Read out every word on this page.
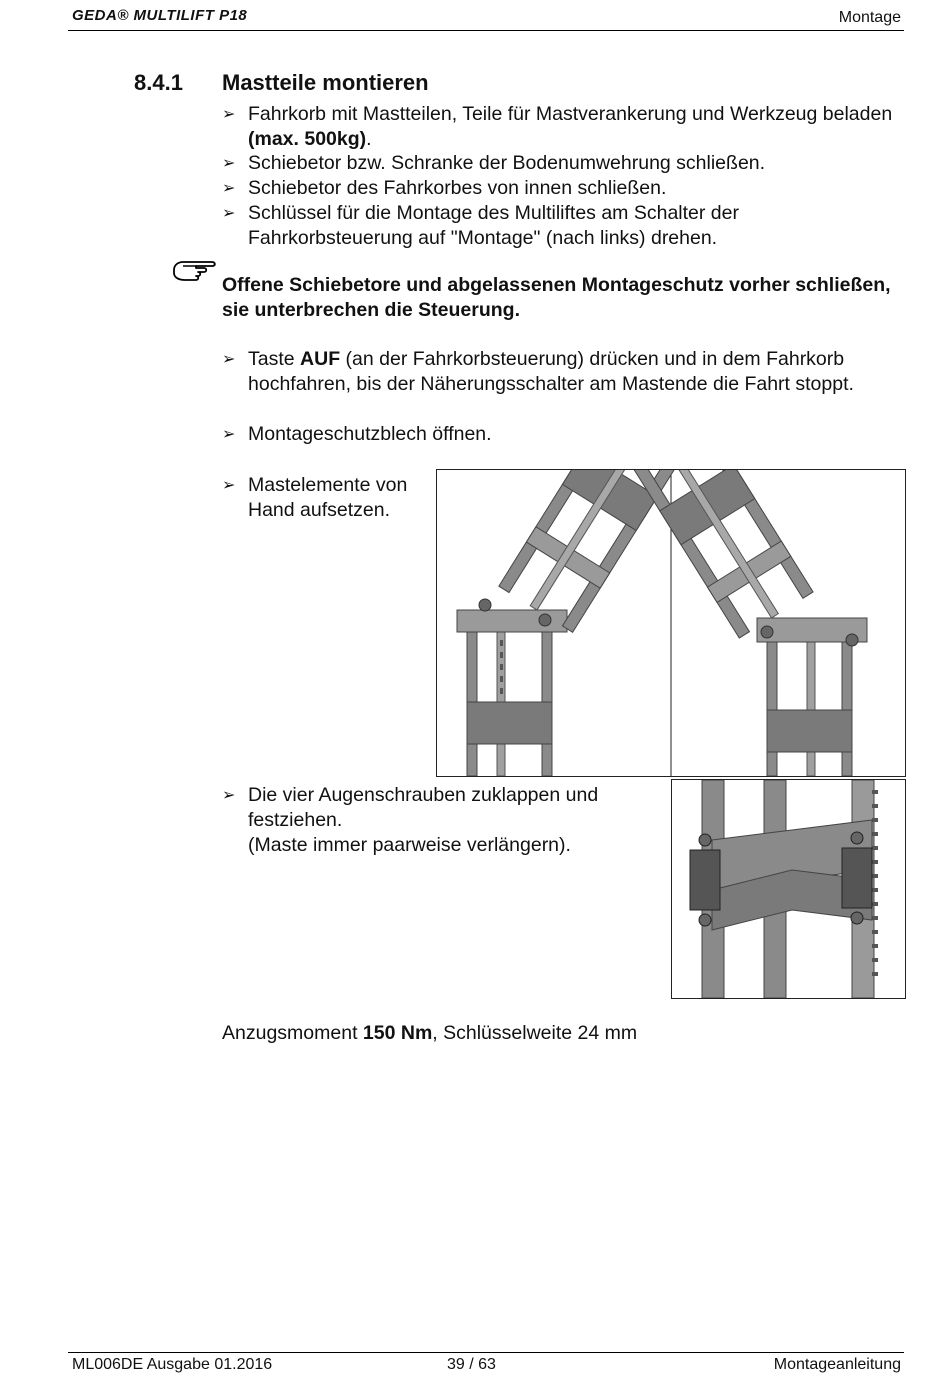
GEDA® MULTILIFT P18	Montage
8.4.1 Mastteile montieren
➢ Fahrkorb mit Mastteilen, Teile für Mastverankerung und Werkzeug beladen (max. 500kg).
➢ Schiebetor bzw. Schranke der Bodenumwehrung schließen.
➢ Schiebetor des Fahrkorbes von innen schließen.
➢ Schlüssel für die Montage des Multiliftes am Schalter der Fahrkorbsteuerung auf "Montage" (nach links) drehen.
Offene Schiebetore und abgelassenen Montageschutz vorher schließen, sie unterbrechen die Steuerung.
➢ Taste AUF (an der Fahrkorbsteuerung) drücken und in dem Fahrkorb hochfahren, bis der Näherungsschalter am Mastende die Fahrt stoppt.
➢ Montageschutzblech öffnen.
➢ Mastelemente von Hand aufsetzen.
➢ Die vier Augenschrauben zuklappen und festziehen.
(Maste immer paarweise verlängern).
Anzugsmoment 150 Nm, Schlüsselweite 24 mm
ML006DE Ausgabe 01.2016	39 / 63	Montageanleitung
